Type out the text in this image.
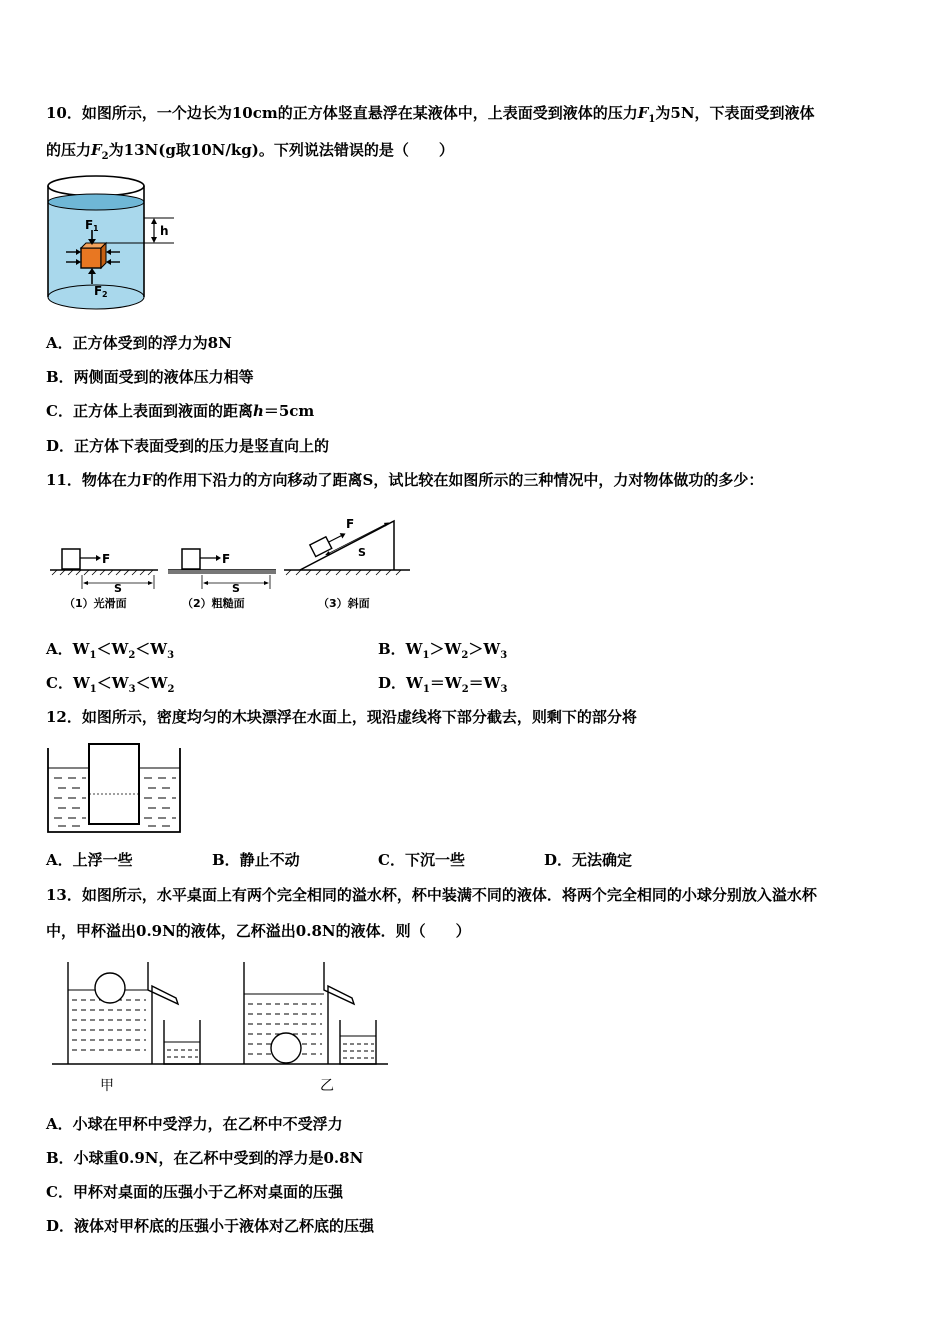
10．如图所示，一个边长为10cm的正方体竖直悬浮在某液体中，上表面受到液体的压力$F_1$为5N，下表面受到液体
的压力$F_2$为13N(g取10N/kg)。下列说法错误的是（　　）
h
F 1
F 2
A．正方体受到的浮力为8N
B．两侧面受到的液体压力相等
C．正方体上表面到液面的距离h＝5cm
D．正方体下表面受到的压力是竖直向上的
11．物体在力F的作用下沿力的方向移动了距离S，试比较在如图所示的三种情况中，力对物体做功的多少：
F
S
（1）光滑面
F
S
（2）粗糙面
F
S
（3）斜面
A．$W_1<W_2<W_3$	B．$W_1>W_2>W_3$
C．$W_1<W_3<W_2$	D．$W_1=W_2=W_3$
12．如图所示，密度均匀的木块漂浮在水面上，现沿虚线将下部分截去，则剩下的部分将
A．上浮一些	B．静止不动	C．下沉一些	D．无法确定
13．如图所示，水平桌面上有两个完全相同的溢水杯，杯中装满不同的液体．将两个完全相同的小球分别放入溢水杯
中，甲杯溢出0.9N的液体，乙杯溢出0.8N的液体．则（　　）
甲	乙
A．小球在甲杯中受浮力，在乙杯中不受浮力
B．小球重0.9N，在乙杯中受到的浮力是0.8N
C．甲杯对桌面的压强小于乙杯对桌面的压强
D．液体对甲杯底的压强小于液体对乙杯底的压强
